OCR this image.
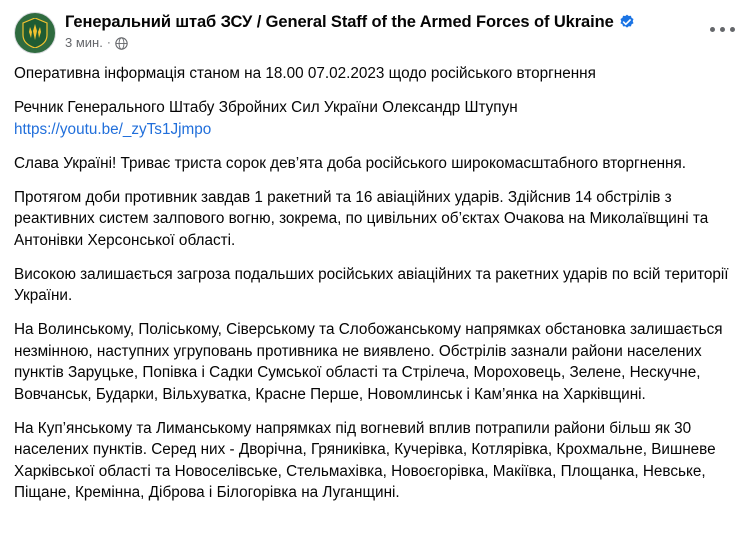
Генеральний штаб ЗСУ / General Staff of the Armed Forces of Ukraine
3 мин. ·

Оперативна інформація станом на 18.00 07.02.2023 щодо російського вторгнення

Речник Генерального Штабу Збройних Сил України Олександр Штупун

https://youtu.be/_zyTs1Jjmpo

Слава Україні! Триває триста сорок дев’ята доба російського широкомасштабного вторгнення.

Протягом доби противник завдав 1 ракетний та 16 авіаційних ударів. Здійснив 14 обстрілів з реактивних систем залпового вогню, зокрема, по цивільних об’єктах Очакова на Миколаївщині та Антонівки Херсонської області.

Високою залишається загроза подальших російських авіаційних та ракетних ударів по всій території України.

На Волинському, Поліському, Сіверському та Слобожанському напрямках обстановка залишається незмінною, наступних угруповань противника не виявлено. Обстрілів зазнали райони населених пунктів Заруцьке, Попівка і Садки Сумської області та Стрілеча, Мороховець, Зелене, Нескучне, Вовчанськ, Бударки, Вільхуватка, Красне Перше, Новомлинськ і Кам’янка на Харківщині.

На Куп’янському та Лиманському напрямках під вогневий вплив потрапили райони більш як 30 населених пунктів. Серед них - Дворічна, Гряниківка, Кучерівка, Котлярівка, Крохмальне, Вишневе Харківської області та Новоселівське, Стельмахівка, Новоєгорівка, Макіївка, Площанка, Невське, Піщане, Кремінна, Діброва і Білогорівка на Луганщині.
